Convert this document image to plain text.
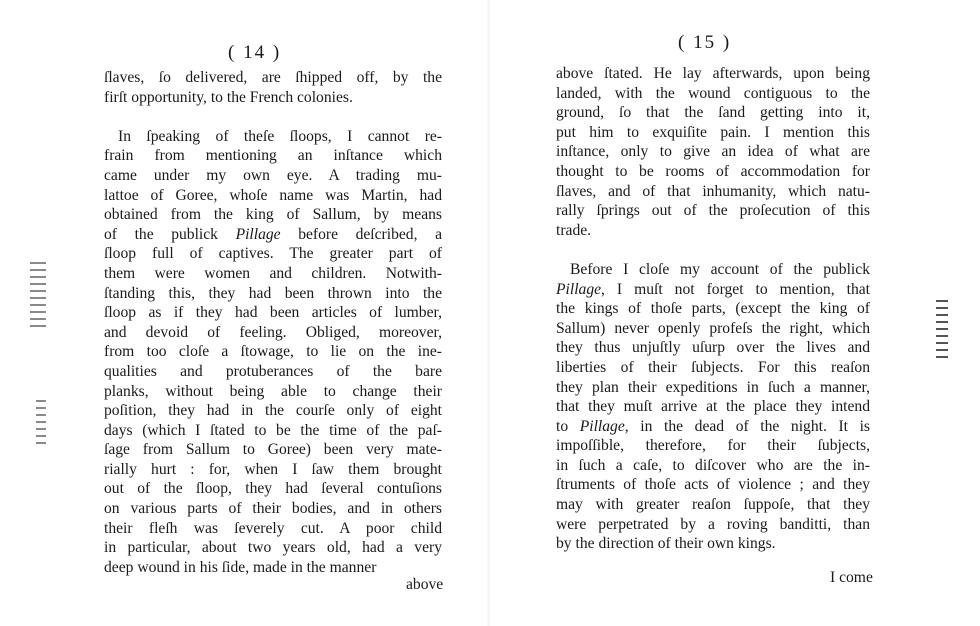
( 14 )
ſlaves, ſo delivered, are ſhipped off, by the
firſt opportunity, to the French colonies.
In ſpeaking of theſe ſloops, I cannot re-
frain from mentioning an inſtance which
came under my own eye. A trading mu-
lattoe of Goree, whoſe name was Martin, had
obtained from the king of Sallum, by means
of the publick Pillage before deſcribed, a
ſloop full of captives. The greater part of
them were women and children. Notwith-
ſtanding this, they had been thrown into the
ſloop as if they had been articles of lumber,
and devoid of feeling. Obliged, moreover,
from too cloſe a ſtowage, to lie on the ine-
qualities and protuberances of the bare
planks, without being able to change their
poſition, they had in the courſe only of eight
days (which I ſtated to be the time of the paſ-
ſage from Sallum to Goree) been very mate-
rially hurt : for, when I ſaw them brought
out of the ſloop, they had ſeveral contuſions
on various parts of their bodies, and in others
their fleſh was ſeverely cut. A poor child
in particular, about two years old, had a very
deep wound in his ſide, made in the manner
above
( 15 )
above ſtated. He lay afterwards, upon being
landed, with the wound contiguous to the
ground, ſo that the ſand getting into it,
put him to exquiſite pain. I mention this
inſtance, only to give an idea of what are
thought to be rooms of accommodation for
ſlaves, and of that inhumanity, which natu-
rally ſprings out of the proſecution of this
trade.
Before I cloſe my account of the publick
Pillage, I muſt not forget to mention, that
the kings of thoſe parts, (except the king of
Sallum) never openly profeſs the right, which
they thus unjuſtly uſurp over the lives and
liberties of their ſubjects. For this reaſon
they plan their expeditions in ſuch a manner,
that they muſt arrive at the place they intend
to Pillage, in the dead of the night. It is
impoſſible, therefore, for their ſubjects,
in ſuch a caſe, to diſcover who are the in-
ſtruments of thoſe acts of violence ; and they
may with greater reaſon ſuppoſe, that they
were perpetrated by a roving banditti, than
by the direction of their own kings.
I come
